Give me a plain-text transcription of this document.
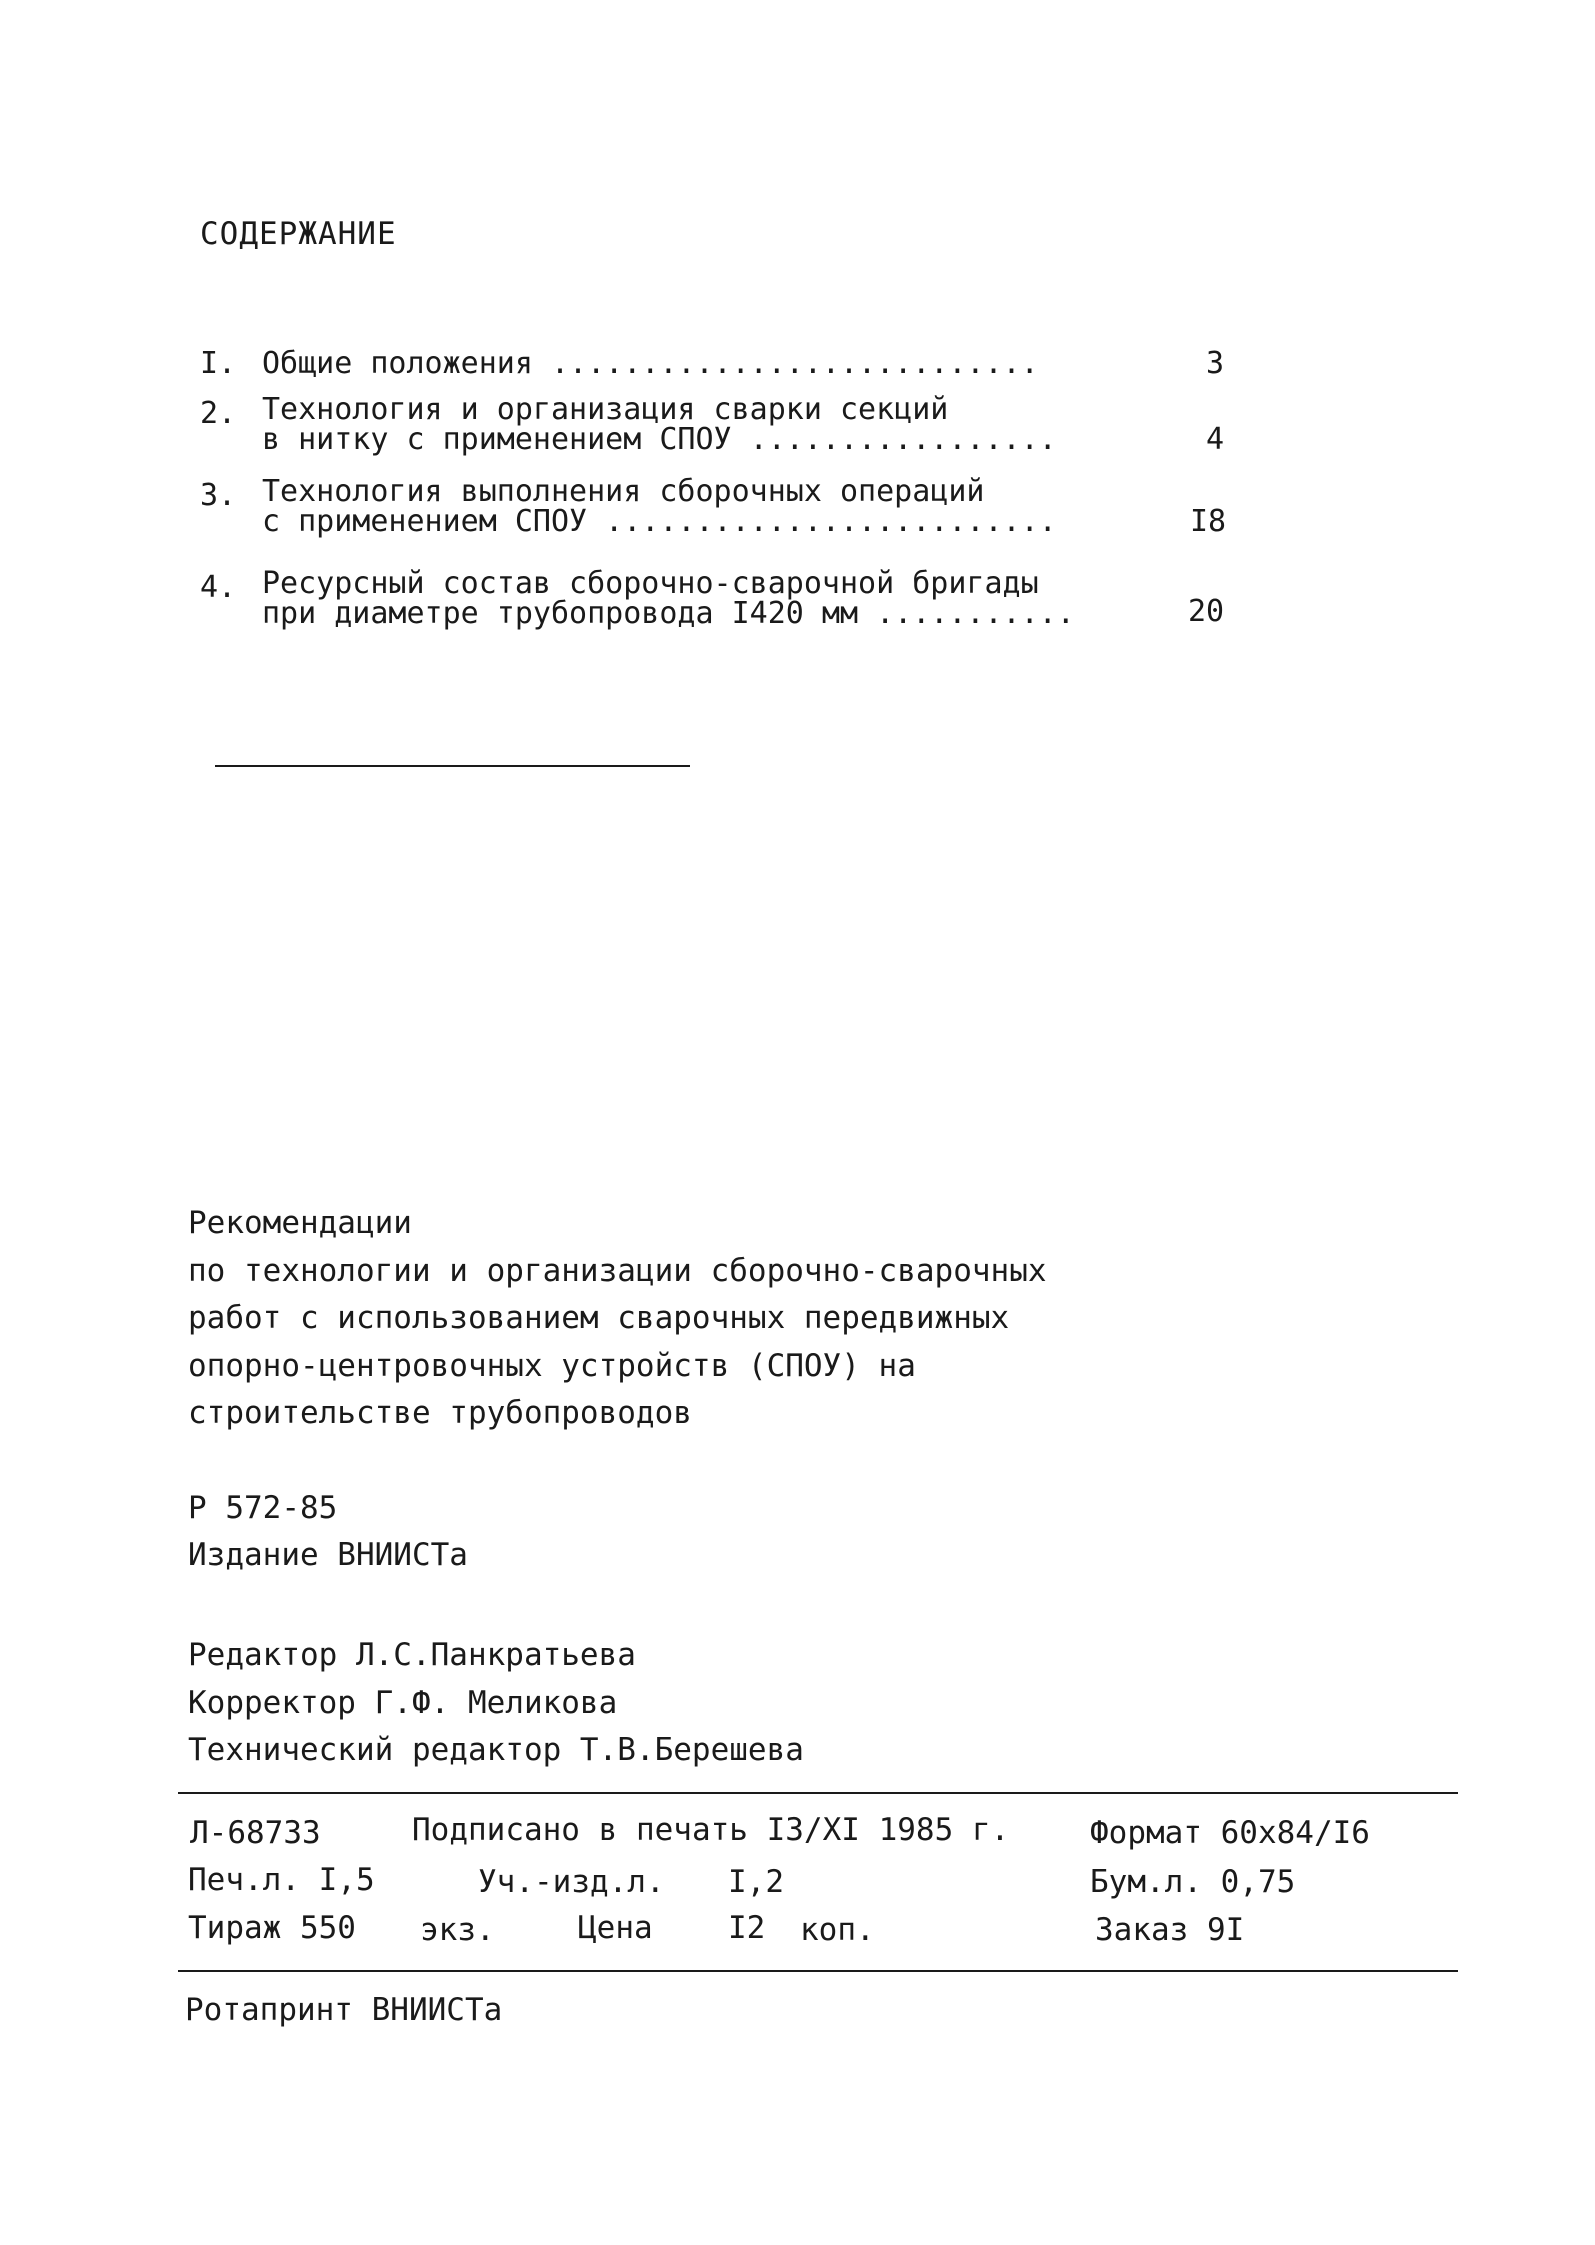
СОДЕРЖАНИЕ
I. Общие положения ...........................	3
2. Технология и организация сварки секций
в нитку с применением СПОУ .................	4
3. Технология выполнения сборочных операций
с применением СПОУ .........................	I8
4. Ресурсный состав сборочно-сварочной бригады
при диаметре трубопровода I420 мм ...........	20
Рекомендации
по технологии и организации сборочно-сварочных
работ с использованием сварочных передвижных
опорно-центровочных устройств (СПОУ) на
строительстве трубопроводов
Р 572-85
Издание ВНИИСТа
Редактор Л.С.Панкратьева
Корректор Г.Ф. Меликова
Технический редактор Т.В.Берешева
Л-68733	Подписано в печать I3/XI 1985 г.	Формат 60x84/I6
Печ.л. I,5	Уч.-изд.л. I,2	Бум.л. 0,75
Тираж 550 экз.	Цена I2 коп.	Заказ 9I
Ротапринт ВНИИСТа
